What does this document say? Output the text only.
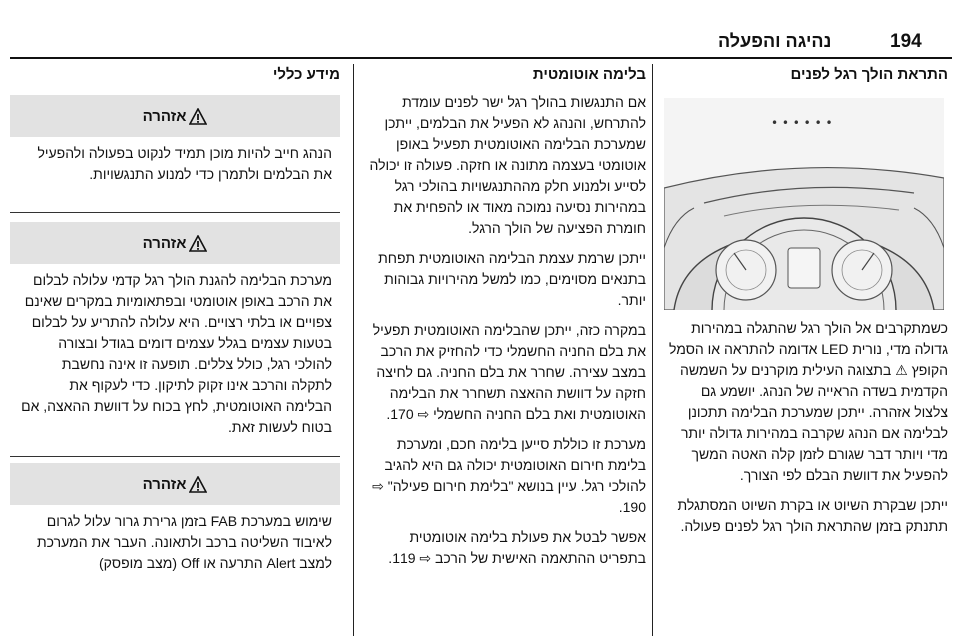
194
נהיגה והפעלה
התראת הולך רגל לפנים
• • • • • •

כשמתקרבים אל הולך רגל שהתגלה במהירות גדולה מדי, נורית LED אדומה להתראה או הסמל הקופץ ⚠ בתצוגה העילית מוקרנים על השמשה הקדמית בשדה הראייה של הנהג. יושמע גם צלצול אזהרה. ייתכן שמערכת הבלימה תתכונן לבלימה אם הנהג שקרבה במהירות גדולה יותר מדי ויותר דבר שגורם לזמן קלה האטה המשך להפעיל את דוושת הבלם לפי הצורך.

ייתכן שבקרת השיוט או בקרת השיוט המסתגלת תתנתק בזמן שהתראת הולך רגל לפנים פעולה.

בלימה אוטומטית

אם התנגשות בהולך רגל ישר לפנים עומדת להתרחש, והנהג לא הפעיל את הבלמים, ייתכן שמערכת הבלימה האוטומטית תפעיל באופן אוטומטי בעצמה מתונה או חזקה. פעולה זו יכולה לסייע ולמנוע חלק מההתנגשויות בהולכי רגל במהירות נסיעה נמוכה מאוד או להפחית את חומרת הפציעה של הולך הרגל.

ייתכן שרמת עצמת הבלימה האוטומטית תפחת בתנאים מסוימים, כמו למשל מהירויות גבוהות יותר.

במקרה כזה, ייתכן שהבלימה האוטומטית תפעיל את בלם החניה החשמלי כדי להחזיק את הרכב במצב עצירה. שחרר את בלם החניה. גם לחיצה חזקה על דוושת ההאצה תשחרר את הבלימה האוטומטית ואת בלם החניה החשמלי ⇨ 170.

מערכת זו כוללת סייען בלימה חכם, ומערכת בלימת חירום האוטומטית יכולה גם היא להגיב להולכי רגל. עיין בנושא "בלימת חירום פעילה" ⇨ 190.

אפשר לבטל את פעולת בלימה אוטומטית בתפריט ההתאמה האישית של הרכב ⇨ 119.

מידע כללי
אזהרה
הנהג חייב להיות מוכן תמיד לנקוט בפעולה ולהפעיל את הבלמים ולתמרן כדי למנוע התנגשויות.
אזהרה
מערכת הבלימה להגנת הולך רגל קדמי עלולה לבלום את הרכב באופן אוטומטי ובפתאומיות במקרים שאינם צפויים או בלתי רצויים. היא עלולה להתריע על לבלום בטעות עצמים בגלל עצמים דומים בגודל ובצורה להולכי רגל, כולל צללים. תופעה זו אינה נחשבת לתקלה והרכב אינו זקוק לתיקון. כדי לעקוף את הבלימה האוטומטית, לחץ בכוח על דוושת ההאצה, אם בטוח לעשות זאת.
אזהרה
שימוש במערכת FAB בזמן גרירת גרור עלול לגרום לאיבוד השליטה ברכב ולתאונה. העבר את המערכת למצב Alert התרעה או Off (מצב מופסק)
